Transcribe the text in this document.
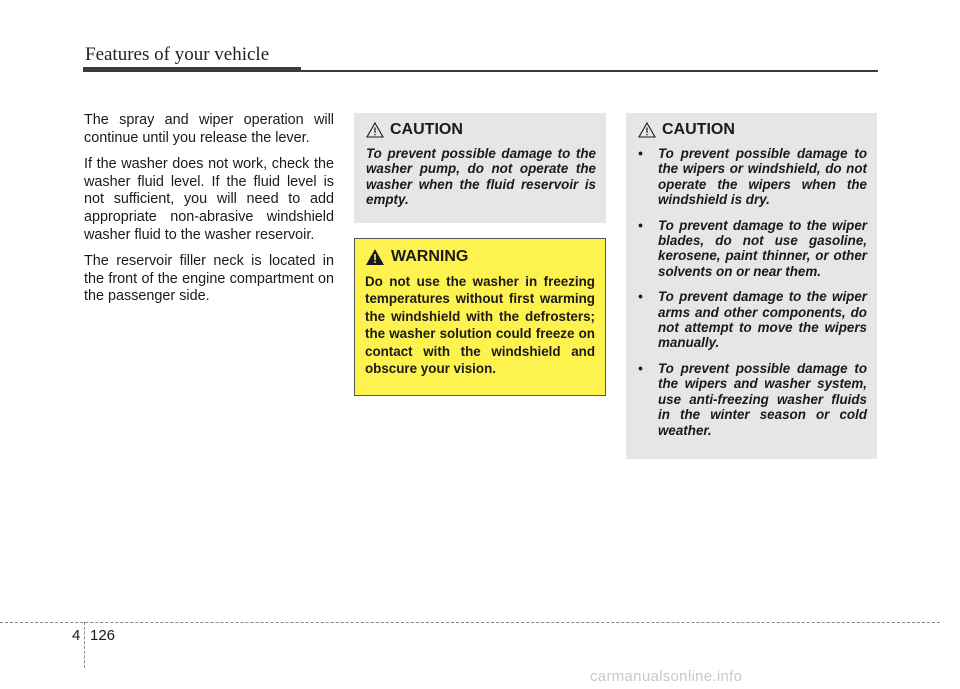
Features of your vehicle

The spray and wiper operation will continue until you release the lever.

If the washer does not work, check the washer fluid level. If the fluid level is not sufficient, you will need to add appropriate non-abrasive windshield washer fluid to the washer reservoir.

The reservoir filler neck is located in the front of the engine compartment on the passenger side.

CAUTION

To prevent possible damage to the washer pump, do not operate the washer when the fluid reservoir is empty.

WARNING

Do not use the washer in freezing temperatures without first warming the windshield with the defrosters; the washer solution could freeze on contact with the windshield and obscure your vision.

CAUTION
• To prevent possible damage to the wipers or windshield, do not operate the wipers when the windshield is dry.
• To prevent damage to the wiper blades, do not use gasoline, kerosene, paint thinner, or other solvents on or near them.
• To prevent damage to the wiper arms and other components, do not attempt to move the wipers manually.
• To prevent possible damage to the wipers and washer system, use anti-freezing washer fluids in the winter season or cold weather.
4 126
carmanualsonline.info
